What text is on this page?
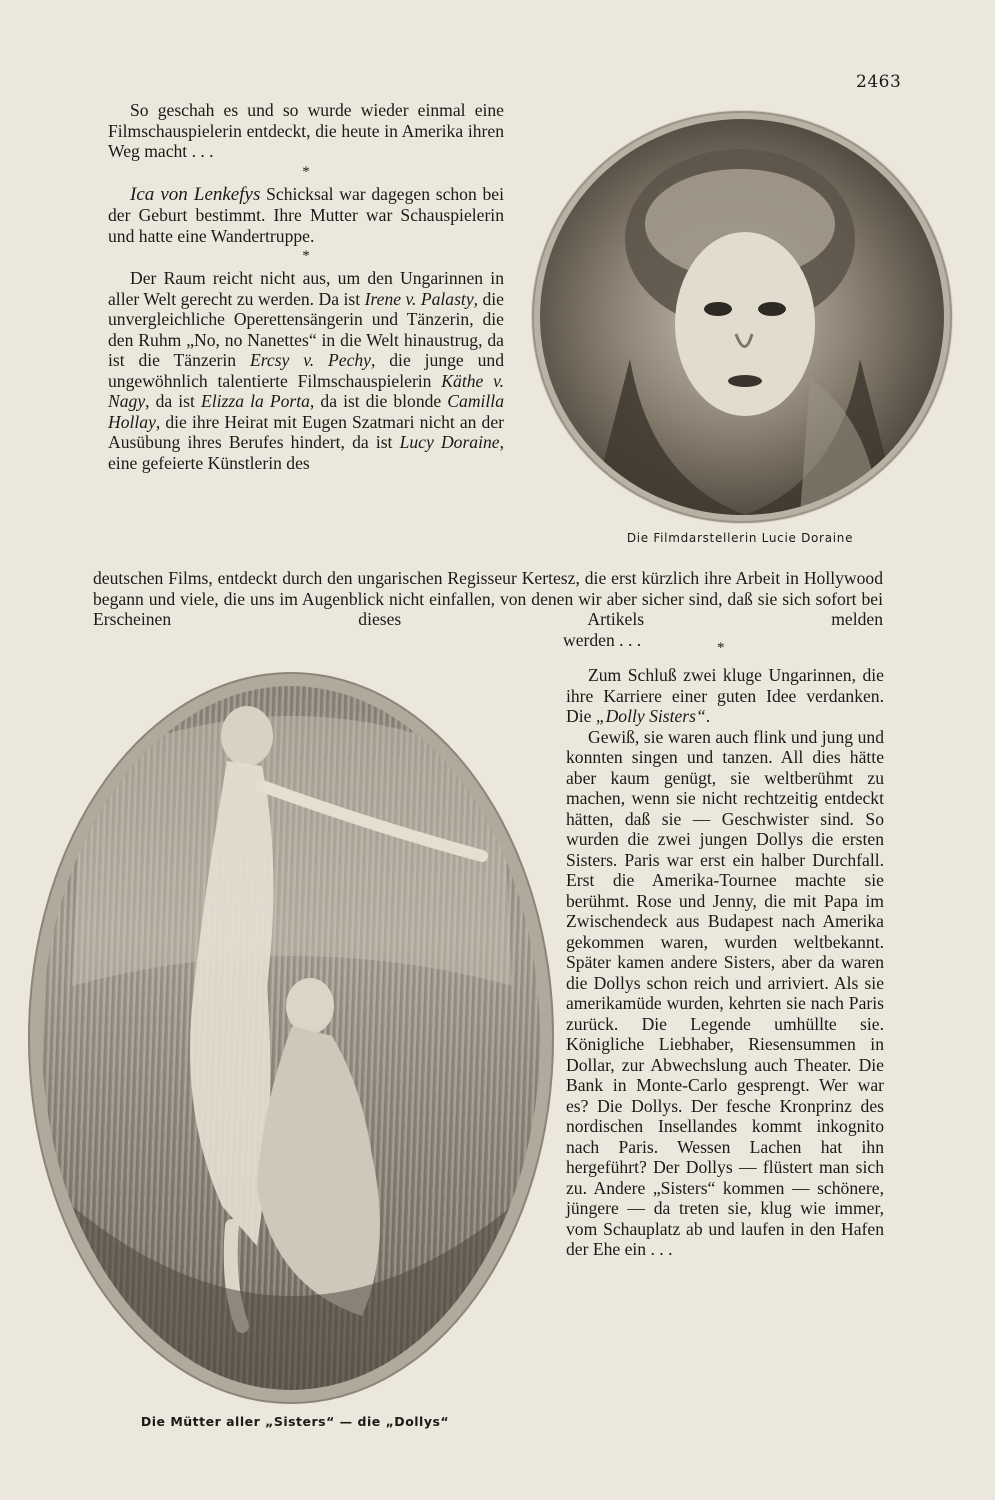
2463

So geschah es und so wurde wieder einmal eine Filmschauspielerin entdeckt, die heute in Amerika ihren Weg macht . . .

*

Ica von Lenkefys Schicksal war dagegen schon bei der Geburt bestimmt. Ihre Mutter war Schauspielerin und hatte eine Wandertruppe.

*

Der Raum reicht nicht aus, um den Ungarinnen in aller Welt gerecht zu werden. Da ist Irene v. Palasty, die unvergleichliche Operettensängerin und Tänzerin, die den Ruhm „No, no Nanettes“ in die Welt hinaustrug, da ist die Tänzerin Ercsy v. Pechy, die junge und ungewöhnlich talentierte Filmschauspielerin Käthe v. Nagy, da ist Elizza la Porta, da ist die blonde Camilla Hollay, die ihre Heirat mit Eugen Szatmari nicht an der Ausübung ihres Berufes hindert, da ist Lucy Doraine, eine gefeierte Künstlerin des

Die Filmdarstellerin Lucie Doraine

deutschen Films, entdeckt durch den ungarischen Regisseur Kertesz, die erst kürzlich ihre Arbeit in Hollywood begann und viele, die uns im Augenblick nicht einfallen, von denen wir aber sicher sind, daß sie sich sofort bei Erscheinen dieses Artikels melden

werden . . .	*
Die Mütter aller „Sisters“ — die „Dollys“

Zum Schluß zwei kluge Ungarinnen, die ihre Karriere einer guten Idee verdanken. Die „Dolly Sisters“.

Gewiß, sie waren auch flink und jung und konnten singen und tanzen. All dies hätte aber kaum genügt, sie weltberühmt zu machen, wenn sie nicht rechtzeitig entdeckt hätten, daß sie — Geschwister sind. So wurden die zwei jungen Dollys die ersten Sisters. Paris war erst ein halber Durchfall. Erst die Amerika-Tournee machte sie berühmt. Rose und Jenny, die mit Papa im Zwischendeck aus Budapest nach Amerika gekommen waren, wurden weltbekannt. Später kamen andere Sisters, aber da waren die Dollys schon reich und arriviert. Als sie amerikamüde wurden, kehrten sie nach Paris zurück. Die Legende umhüllte sie. Königliche Liebhaber, Riesensummen in Dollar, zur Abwechslung auch Theater. Die Bank in Monte-Carlo gesprengt. Wer war es? Die Dollys. Der fesche Kronprinz des nordischen Insellandes kommt inkognito nach Paris. Wessen Lachen hat ihn hergeführt? Der Dollys — flüstert man sich zu. Andere „Sisters“ kommen — schönere, jüngere — da treten sie, klug wie immer, vom Schauplatz ab und laufen in den Hafen der Ehe ein . . .
